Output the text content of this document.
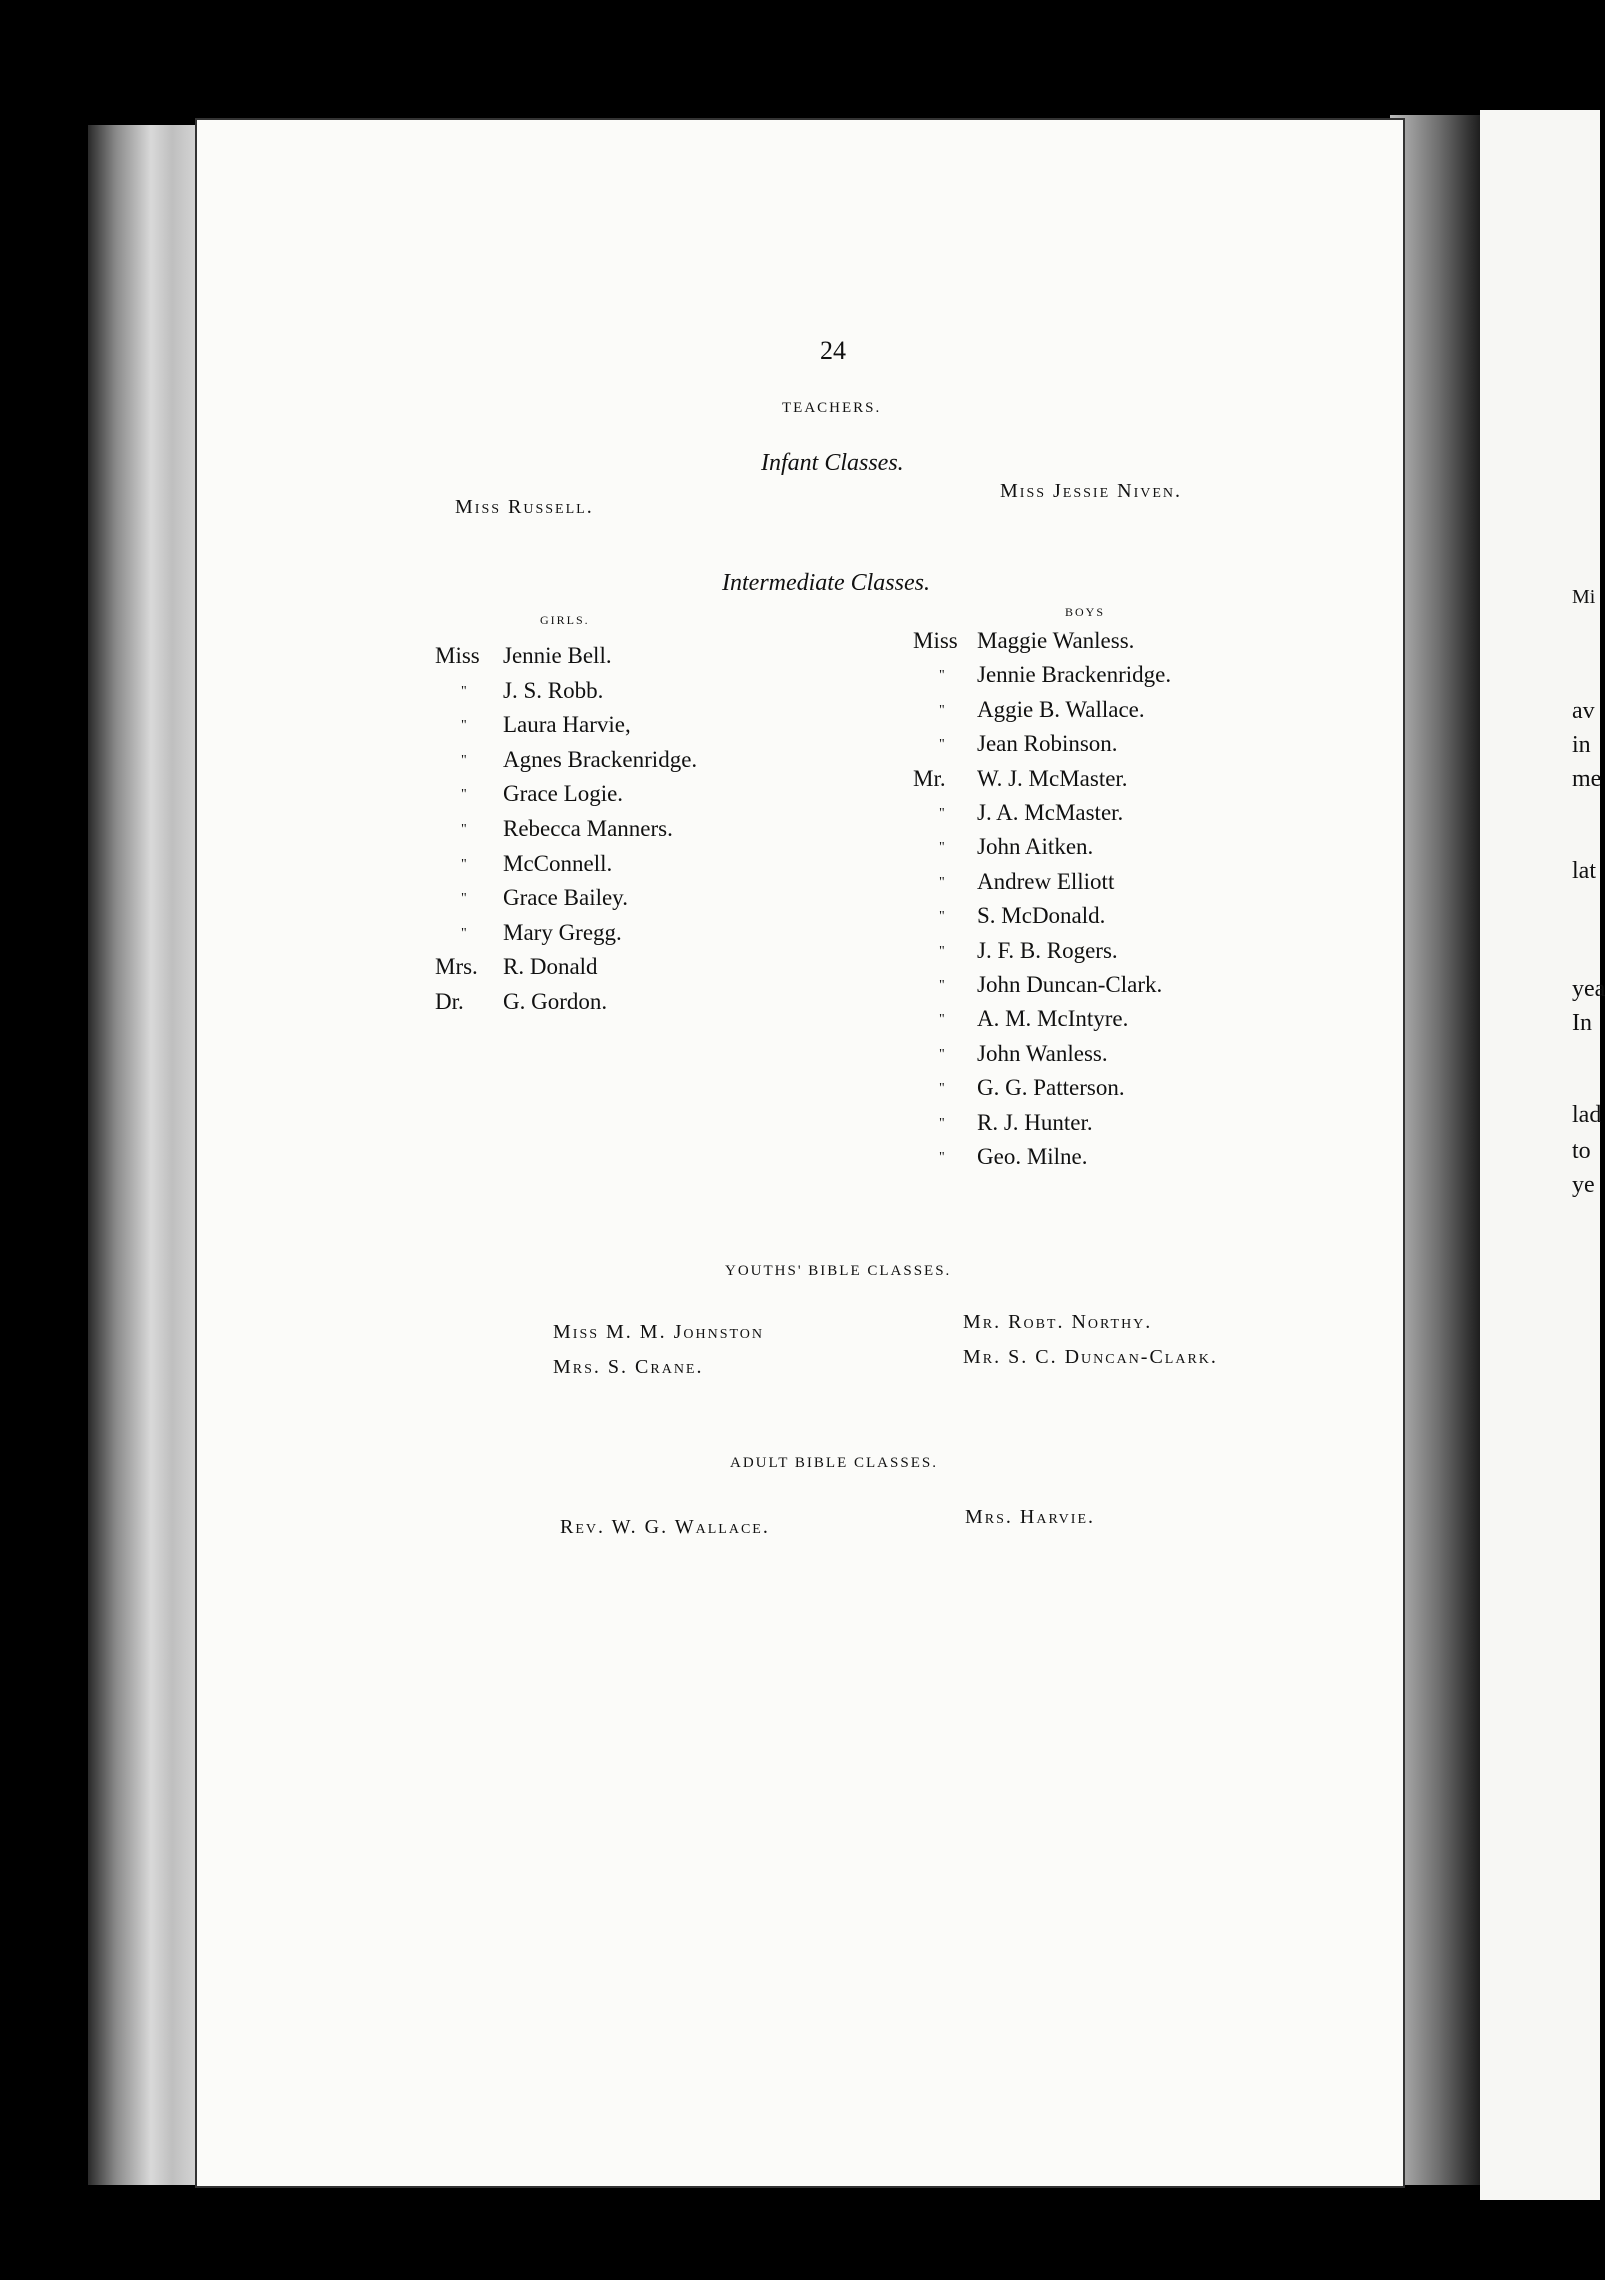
Mi
av
in
me
lat
yea
In
lad
to
ye
24
TEACHERS.
Infant Classes.
Miss Russell.
Miss Jessie Niven.
Intermediate Classes.
GIRLS.
BOYS
Miss Jennie Bell.
" J. S. Robb.
" Laura Harvie,
" Agnes Brackenridge.
" Grace Logie.
" Rebecca Manners.
" McConnell.
" Grace Bailey.
" Mary Gregg.
Mrs. R. Donald
Dr. G. Gordon.
Miss Maggie Wanless.
" Jennie Brackenridge.
" Aggie B. Wallace.
" Jean Robinson.
Mr. W. J. McMaster.
" J. A. McMaster.
" John Aitken.
" Andrew Elliott
" S. McDonald.
" J. F. B. Rogers.
" John Duncan-Clark.
" A. M. McIntyre.
" John Wanless.
" G. G. Patterson.
" R. J. Hunter.
" Geo. Milne.
YOUTHS' BIBLE CLASSES.
Miss M. M. Johnston
Mrs. S. Crane.
Mr. Robt. Northy.
Mr. S. C. Duncan-Clark.
ADULT BIBLE CLASSES.
Rev. W. G. Wallace.	Mrs. Harvie.
